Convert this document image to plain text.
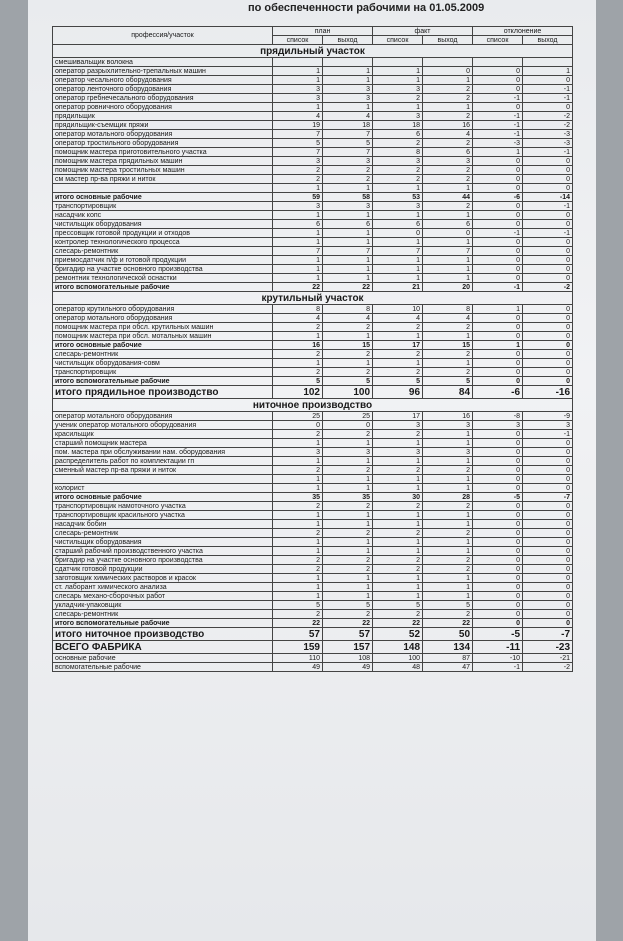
по обеспеченности рабочими на 01.05.2009
профессия/участок	план		факт		отклонение	
	список	выход	список	выход	список	выход
прядильный участок						
смешивальщик волокна						
оператор разрыхлительно-трепальных машин	1	1	1	0	0	1
оператор чесального оборудования	1	1	1	1	0	0
оператор ленточного оборудования	3	3	3	2	0	-1
оператор гребнечесального оборудования	3	3	2	2	-1	-1
оператор ровничного оборудования	1	1	1	1	0	0
прядильщик	4	4	3	2	-1	-2
прядильщик-съемщик пряжи	19	18	18	16	-1	-2
оператор мотального оборудования	7	7	6	4	-1	-3
оператор тростильного оборудования	5	5	2	2	-3	-3
помощник мастера приготовительного участка	7	7	8	6	1	-1
помощник мастера прядильных машин	3	3	3	3	0	0
помощник мастера тростильных машин	2	2	2	2	0	0
см мастер пр-ва пряжи и ниток	2	2	2	2	0	0
	1	1	1	1	0	0
итого основные рабочие	59	58	53	44	-6	-14
транспортировщик	3	3	3	2	0	-1
насадчик копс	1	1	1	1	0	0
чистильщик оборудования	6	6	6	6	0	0
прессовщик готовой продукции и отходов	1	1	0	0	-1	-1
контролер технологического процесса	1	1	1	1	0	0
слесарь-ремонтник	7	7	7	7	0	0
приемосдатчик п/ф и готовой продукции	1	1	1	1	0	0
бригадир на участке основного производства	1	1	1	1	0	0
ремонтник технологической оснастки	1	1	1	1	0	0
итого вспомогательные рабочие	22	22	21	20	-1	-2
крутильный участок						
оператор крутильного оборудования	8	8	10	8	1	0
оператор мотального оборудования	4	4	4	4	0	0
помощник мастера при обсл. крутильных машин	2	2	2	2	0	0
помощник мастера при обсл. мотальных машин	1	1	1	1	0	0
итого основные рабочие	16	15	17	15	1	0
слесарь-ремонтник	2	2	2	2	0	0
чистильщик оборудования-совм	1	1	1	1	0	0
транспортировщик	2	2	2	2	0	0
итого вспомогательные рабочие	5	5	5	5	0	0
итого прядильное производство	102	100	96	84	-6	-16
ниточное производство						
оператор мотального оборудования	25	25	17	16	-8	-9
ученик оператор мотального оборудования	0	0	3	3	3	3
красильщик	2	2	2	1	0	-1
старший помощник мастера	1	1	1	1	0	0
пом. мастера при обслуживании нам. оборудования	3	3	3	3	0	0
распределитель работ по комплектации гп	1	1	1	1	0	0
сменный мастер пр-ва пряжи и ниток	2	2	2	2	0	0
	1	1	1	1	0	0
колорист	1	1	1	1	0	0
итого основные рабочие	35	35	30	28	-5	-7
транспортировщик намоточного участка	2	2	2	2	0	0
транспортировщик красильного участка	1	1	1	1	0	0
насадчик бобин	1	1	1	1	0	0
слесарь-ремонтник	2	2	2	2	0	0
чистильщик оборудования	1	1	1	1	0	0
старший рабочий производственного участка	1	1	1	1	0	0
бригадир на участке основного производства	2	2	2	2	0	0
сдатчик готовой продукции	2	2	2	2	0	0
заготовщик химических растворов и красок	1	1	1	1	0	0
ст. лаборант химического анализа	1	1	1	1	0	0
слесарь механо-сборочных работ	1	1	1	1	0	0
укладчик-упаковщик	5	5	5	5	0	0
слесарь-ремонтник	2	2	2	2	0	0
итого вспомогательные рабочие	22	22	22	22	0	0
итого ниточное производство	57	57	52	50	-5	-7
ВСЕГО ФАБРИКА	159	157	148	134	-11	-23
основные рабочие	110	108	100	87	-10	-21
вспомогательные рабочие	49	49	48	47	-1	-2
